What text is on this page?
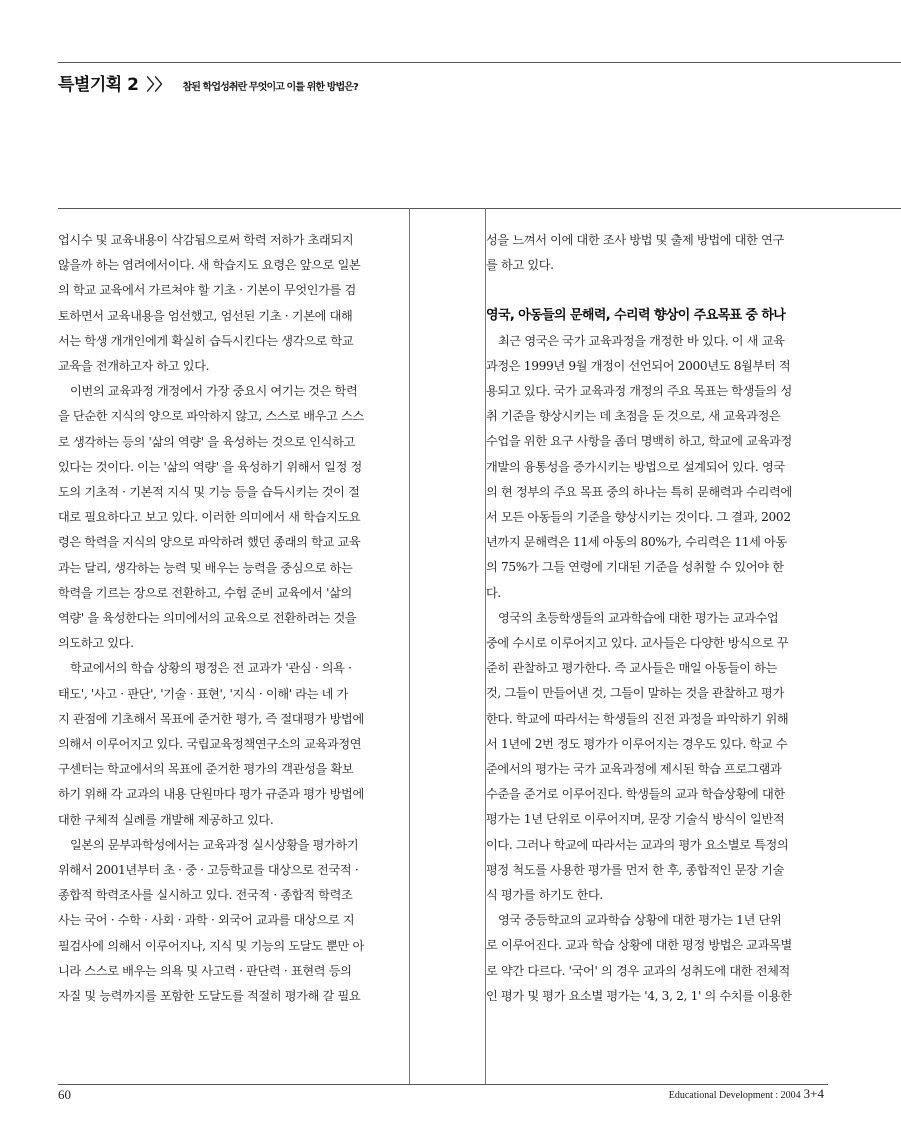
특별기획 2 〉〉 참된 학업성취란 무엇이고 이를 위한 방법은?

업시수 및 교육내용이 삭감됨으로써 학력 저하가 초래되지

않을까 하는 염려에서이다. 새 학습지도 요령은 앞으로 일본

의 학교 교육에서 가르쳐야 할 기초 · 기본이 무엇인가를 검

토하면서 교육내용을 엄선했고, 엄선된 기초 · 기본에 대해

서는 학생 개개인에게 확실히 습득시킨다는 생각으로 학교

교육을 전개하고자 하고 있다.

이번의 교육과정 개정에서 가장 중요시 여기는 것은 학력

을 단순한 지식의 양으로 파악하지 않고, 스스로 배우고 스스

로 생각하는 등의 '삶의 역량' 을 육성하는 것으로 인식하고

있다는 것이다. 이는 '삶의 역량' 을 육성하기 위해서 일정 정

도의 기초적 · 기본적 지식 및 기능 등을 습득시키는 것이 절

대로 필요하다고 보고 있다. 이러한 의미에서 새 학습지도요

령은 학력을 지식의 양으로 파악하려 했던 종래의 학교 교육

과는 달리, 생각하는 능력 및 배우는 능력을 중심으로 하는

학력을 기르는 장으로 전환하고, 수험 준비 교육에서 '삶의

역량' 을 육성한다는 의미에서의 교육으로 전환하려는 것을

의도하고 있다.

학교에서의 학습 상황의 평정은 전 교과가 '관심 · 의욕 ·

태도', '사고 · 판단', '기술 · 표현', '지식 · 이해' 라는 네 가

지 관점에 기초해서 목표에 준거한 평가, 즉 절대평가 방법에

의해서 이루어지고 있다. 국립교육정책연구소의 교육과정연

구센터는 학교에서의 목표에 준거한 평가의 객관성을 확보

하기 위해 각 교과의 내용 단원마다 평가 규준과 평가 방법에

대한 구체적 실례를 개발해 제공하고 있다.

일본의 문부과학성에서는 교육과정 실시상황을 평가하기

위해서 2001년부터 초 · 중 · 고등학교를 대상으로 전국적 ·

종합적 학력조사를 실시하고 있다. 전국적 · 종합적 학력조

사는 국어 · 수학 · 사회 · 과학 · 외국어 교과를 대상으로 지

필검사에 의해서 이루어지나, 지식 및 기능의 도달도 뿐만 아

니라 스스로 배우는 의욕 및 사고력 · 판단력 · 표현력 등의

자질 및 능력까지를 포함한 도달도를 적절히 평가해 갈 필요

성을 느껴서 이에 대한 조사 방법 및 출제 방법에 대한 연구

를 하고 있다.

영국, 아동들의 문해력, 수리력 향상이 주요목표 중 하나

최근 영국은 국가 교육과정을 개정한 바 있다. 이 새 교육

과정은 1999년 9월 개정이 선언되어 2000년도 8월부터 적

용되고 있다. 국가 교육과정 개정의 주요 목표는 학생들의 성

취 기준을 향상시키는 데 초점을 둔 것으로, 새 교육과정은

수업을 위한 요구 사항을 좀더 명백히 하고, 학교에 교육과정

개발의 융통성을 증가시키는 방법으로 설계되어 있다. 영국

의 현 정부의 주요 목표 중의 하나는 특히 문해력과 수리력에

서 모든 아동들의 기준을 향상시키는 것이다. 그 결과, 2002

년까지 문해력은 11세 아동의 80%가, 수리력은 11세 아동

의 75%가 그들 연령에 기대된 기준을 성취할 수 있어야 한

다.

영국의 초등학생들의 교과학습에 대한 평가는 교과수업

중에 수시로 이루어지고 있다. 교사들은 다양한 방식으로 꾸

준히 관찰하고 평가한다. 즉 교사들은 매일 아동들이 하는

것, 그들이 만들어낸 것, 그들이 말하는 것을 관찰하고 평가

한다. 학교에 따라서는 학생들의 진전 과정을 파악하기 위해

서 1년에 2번 정도 평가가 이루어지는 경우도 있다. 학교 수

준에서의 평가는 국가 교육과정에 제시된 학습 프로그램과

수준을 준거로 이루어진다. 학생들의 교과 학습상황에 대한

평가는 1년 단위로 이루어지며, 문장 기술식 방식이 일반적

이다. 그러나 학교에 따라서는 교과의 평가 요소별로 특정의

평정 척도를 사용한 평가를 먼저 한 후, 종합적인 문장 기술

식 평가를 하기도 한다.

영국 중등학교의 교과학습 상황에 대한 평가는 1년 단위

로 이루어진다. 교과 학습 상황에 대한 평정 방법은 교과목별

로 약간 다르다. '국어' 의 경우 교과의 성취도에 대한 전체적

인 평가 및 평가 요소별 평가는 '4, 3, 2, 1' 의 수치를 이용한

60	Educational Development : 2004 3+4
